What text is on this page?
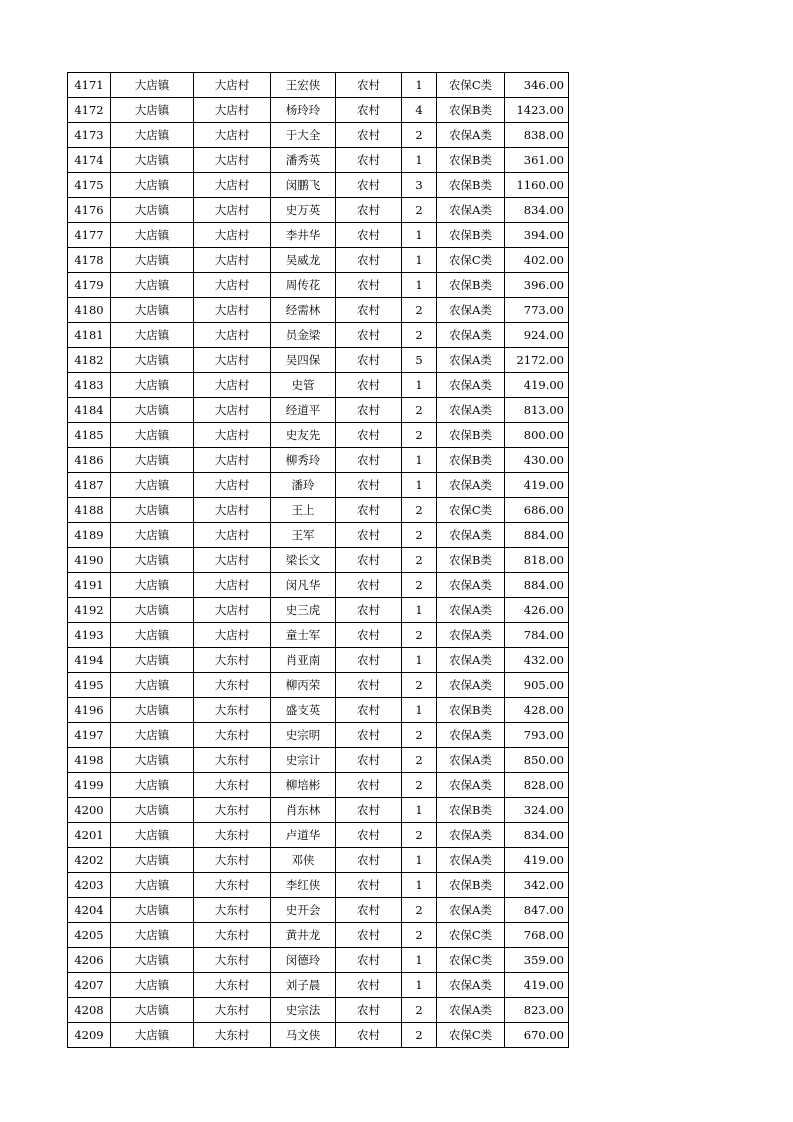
4171	大店镇	大店村	王宏侠	农村	1	农保C类	346.00
4172	大店镇	大店村	杨玲玲	农村	4	农保B类	1423.00
4173	大店镇	大店村	于大全	农村	2	农保A类	838.00
4174	大店镇	大店村	潘秀英	农村	1	农保B类	361.00
4175	大店镇	大店村	闵鹏飞	农村	3	农保B类	1160.00
4176	大店镇	大店村	史万英	农村	2	农保A类	834.00
4177	大店镇	大店村	李井华	农村	1	农保B类	394.00
4178	大店镇	大店村	吴威龙	农村	1	农保C类	402.00
4179	大店镇	大店村	周传花	农村	1	农保B类	396.00
4180	大店镇	大店村	经需林	农村	2	农保A类	773.00
4181	大店镇	大店村	员金梁	农村	2	农保A类	924.00
4182	大店镇	大店村	吴四保	农村	5	农保A类	2172.00
4183	大店镇	大店村	史管	农村	1	农保A类	419.00
4184	大店镇	大店村	经道平	农村	2	农保A类	813.00
4185	大店镇	大店村	史友先	农村	2	农保B类	800.00
4186	大店镇	大店村	柳秀玲	农村	1	农保B类	430.00
4187	大店镇	大店村	潘玲	农村	1	农保A类	419.00
4188	大店镇	大店村	王上	农村	2	农保C类	686.00
4189	大店镇	大店村	王军	农村	2	农保A类	884.00
4190	大店镇	大店村	梁长文	农村	2	农保B类	818.00
4191	大店镇	大店村	闵凡华	农村	2	农保A类	884.00
4192	大店镇	大店村	史三虎	农村	1	农保A类	426.00
4193	大店镇	大店村	童士军	农村	2	农保A类	784.00
4194	大店镇	大东村	肖亚南	农村	1	农保A类	432.00
4195	大店镇	大东村	柳丙荣	农村	2	农保A类	905.00
4196	大店镇	大东村	盛支英	农村	1	农保B类	428.00
4197	大店镇	大东村	史宗明	农村	2	农保A类	793.00
4198	大店镇	大东村	史宗计	农村	2	农保A类	850.00
4199	大店镇	大东村	柳培彬	农村	2	农保A类	828.00
4200	大店镇	大东村	肖东林	农村	1	农保B类	324.00
4201	大店镇	大东村	卢道华	农村	2	农保A类	834.00
4202	大店镇	大东村	邓侠	农村	1	农保A类	419.00
4203	大店镇	大东村	李红侠	农村	1	农保B类	342.00
4204	大店镇	大东村	史开会	农村	2	农保A类	847.00
4205	大店镇	大东村	黄井龙	农村	2	农保C类	768.00
4206	大店镇	大东村	闵德玲	农村	1	农保C类	359.00
4207	大店镇	大东村	刘子晨	农村	1	农保A类	419.00
4208	大店镇	大东村	史宗法	农村	2	农保A类	823.00
4209	大店镇	大东村	马文侠	农村	2	农保C类	670.00
